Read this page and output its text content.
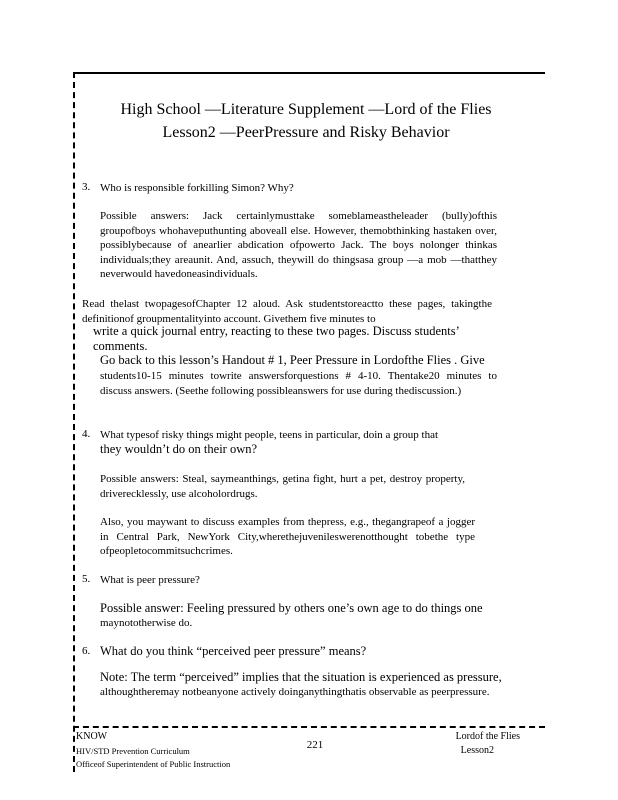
High School —Literature Supplement —Lord of the Flies
Lesson2 —PeerPressure and Risky Behavior
3. Who is responsible forkilling Simon? Why?
Possible answers: Jack certainlymusttake someblameastheleader (bully)ofthis groupofboys whohaveputhunting aboveall else. However, themobthinking hastaken over, possiblybecause of anearlier abdication ofpowerto Jack. The boys nolonger thinkas individuals;they areaunit. And, assuch, theywill do thingsasa group —a mob —thatthey neverwould havedoneasindividuals.
Read thelast twopagesofChapter 12 aloud. Ask studentstoreactto these pages, takingthe definitionof groupmentalityinto account. Givethem five minutes to
write a quick journal entry, reacting to these two pages. Discuss students’ comments.
Go back to this lesson’s Handout # 1, Peer Pressure in Lordofthe Flies . Give
students10-15 minutes towrite answersforquestions # 4-10. Thentake20 minutes to discuss answers. (Seethe following possibleanswers for use during thediscussion.)
4. What typesof risky things might people, teens in particular, doin a group that
they wouldn’t do on their own?
Possible answers: Steal, saymeanthings, getina fight, hurt a pet, destroy property, driverecklessly, use alcoholordrugs.
Also, you maywant to discuss examples from thepress, e.g., thegangrapeof a jogger in Central Park, NewYork City,wherethejuvenileswerenotthought tobethe type ofpeopletocommitsuchcrimes.
5. What is peer pressure?
Possible answer: Feeling pressured by others one’s own age to do things one
maynototherwise do.
6. What do you think “perceived peer pressure” means?
Note: The term “perceived” implies that the situation is experienced as pressure,
althoughtheremay notbeanyone actively doinganythingthatis observable as peerpressure.
KNOW
HIV/STD Prevention Curriculum
Officeof Superintendent of Public Instruction
221
Lordof the Flies
Lesson2
